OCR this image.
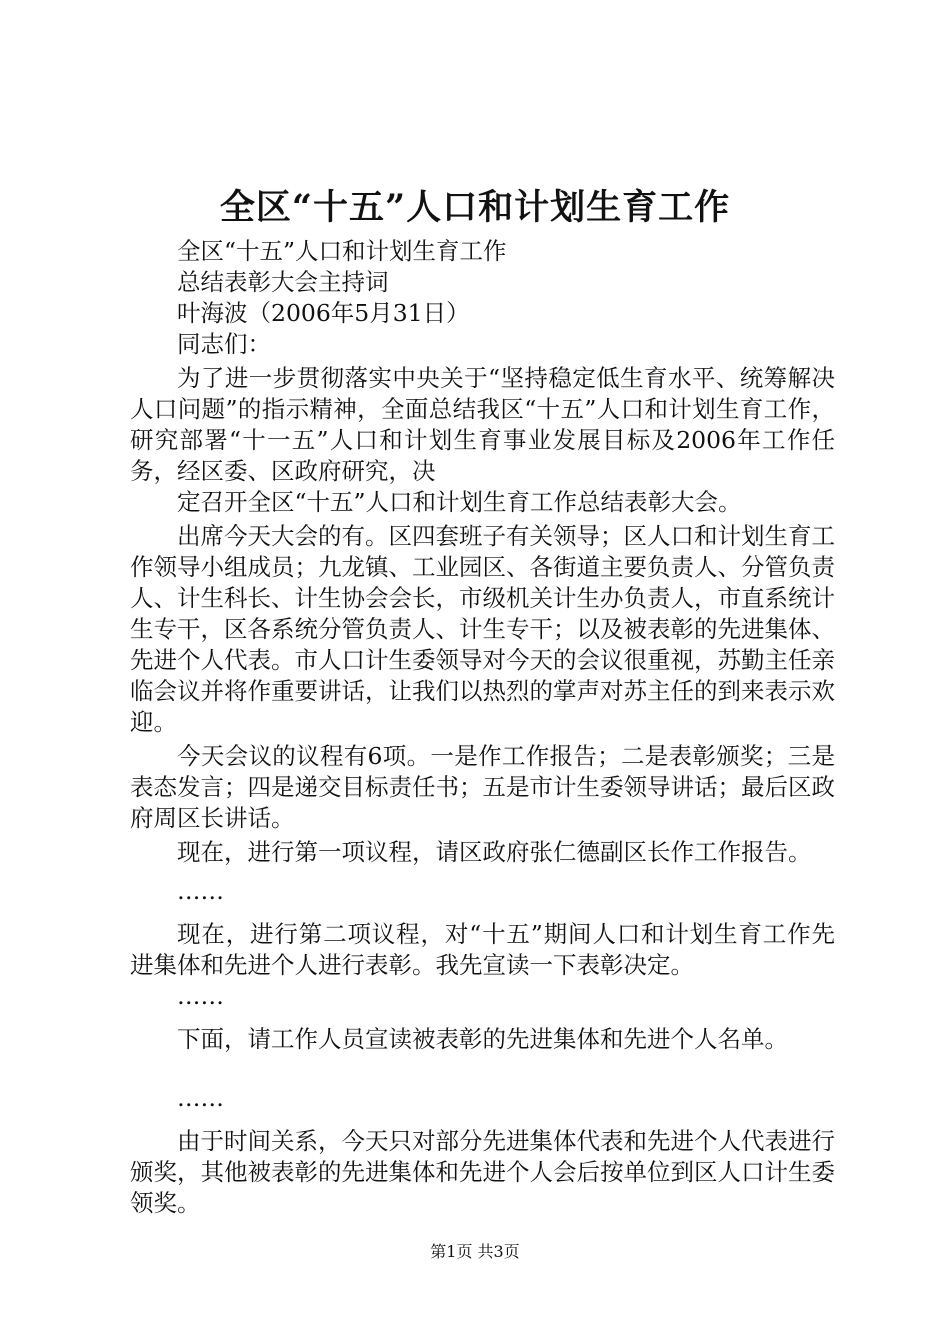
全区“十五”人口和计划生育工作

全区“十五”人口和计划生育工作

总结表彰大会主持词

叶海波（2006年5月31日）

同志们：

为了进一步贯彻落实中央关于“坚持稳定低生育水平、统筹解决人口问题”的指示精神，全面总结我区“十五”人口和计划生育工作，研究部署“十一五”人口和计划生育事业发展目标及2006年工作任务，经区委、区政府研究，决

定召开全区“十五”人口和计划生育工作总结表彰大会。

出席今天大会的有。区四套班子有关领导；区人口和计划生育工作领导小组成员；九龙镇、工业园区、各街道主要负责人、分管负责人、计生科长、计生协会会长，市级机关计生办负责人，市直系统计生专干，区各系统分管负责人、计生专干；以及被表彰的先进集体、先进个人代表。市人口计生委领导对今天的会议很重视，苏勤主任亲临会议并将作重要讲话，让我们以热烈的掌声对苏主任的到来表示欢迎。

今天会议的议程有6项。一是作工作报告；二是表彰颁奖；三是表态发言；四是递交目标责任书；五是市计生委领导讲话；最后区政府周区长讲话。

现在，进行第一项议程，请区政府张仁德副区长作工作报告。

……

现在，进行第二项议程，对“十五”期间人口和计划生育工作先进集体和先进个人进行表彰。我先宣读一下表彰决定。

……

下面，请工作人员宣读被表彰的先进集体和先进个人名单。

……

由于时间关系，今天只对部分先进集体代表和先进个人代表进行颁奖，其他被表彰的先进集体和先进个人会后按单位到区人口计生委领奖。

第1页 共3页
